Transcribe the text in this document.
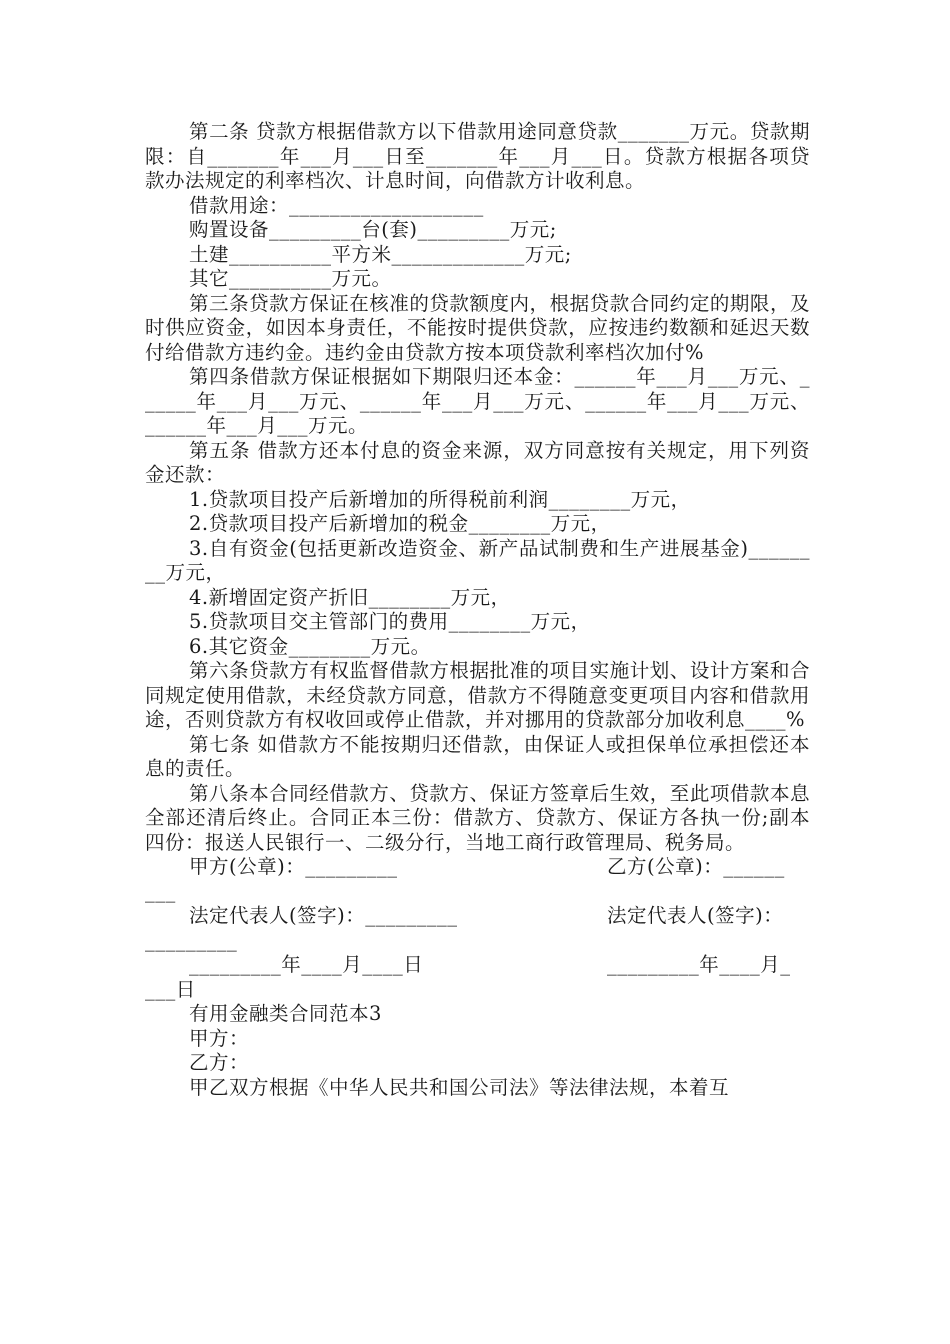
第二条 贷款方根据借款方以下借款用途同意贷款_______万元。贷款期限：自_______年___月___日至_______年___月___日。贷款方根据各项贷款办法规定的利率档次、计息时间，向借款方计收利息。

借款用途：___________________

购置设备_________台(套)_________万元;

土建__________平方米_____________万元;

其它__________万元。

第三条贷款方保证在核准的贷款额度内，根据贷款合同约定的期限，及时供应资金，如因本身责任，不能按时提供贷款，应按违约数额和延迟天数付给借款方违约金。违约金由贷款方按本项贷款利率档次加付%

第四条借款方保证根据如下期限归还本金：______年___月___万元、______年___月___万元、______年___月___万元、______年___月___万元、______年___月___万元。

第五条 借款方还本付息的资金来源，双方同意按有关规定，用下列资金还款：

1.贷款项目投产后新增加的所得税前利润________万元，

2.贷款项目投产后新增加的税金________万元，

3.自有资金(包括更新改造资金、新产品试制费和生产进展基金)________万元，

4.新增固定资产折旧________万元，

5.贷款项目交主管部门的费用________万元，

6.其它资金________万元。

第六条贷款方有权监督借款方根据批准的项目实施计划、设计方案和合同规定使用借款，未经贷款方同意，借款方不得随意变更项目内容和借款用途，否则贷款方有权收回或停止借款，并对挪用的贷款部分加收利息____%

第七条 如借款方不能按期归还借款，由保证人或担保单位承担偿还本息的责任。

第八条本合同经借款方、贷款方、保证方签章后生效，至此项借款本息全部还清后终止。合同正本三份：借款方、贷款方、保证方各执一份;副本四份：报送人民银行一、二级分行，当地工商行政管理局、税务局。

甲方(公章)：_________	乙方(公章)：______
___
法定代表人(签字)：_________	法定代表人(签字)：
_________
_________年____月____日	_________年____月_
___日

有用金融类合同范本3

甲方：

乙方：

甲乙双方根据《中华人民共和国公司法》等法律法规，本着互
